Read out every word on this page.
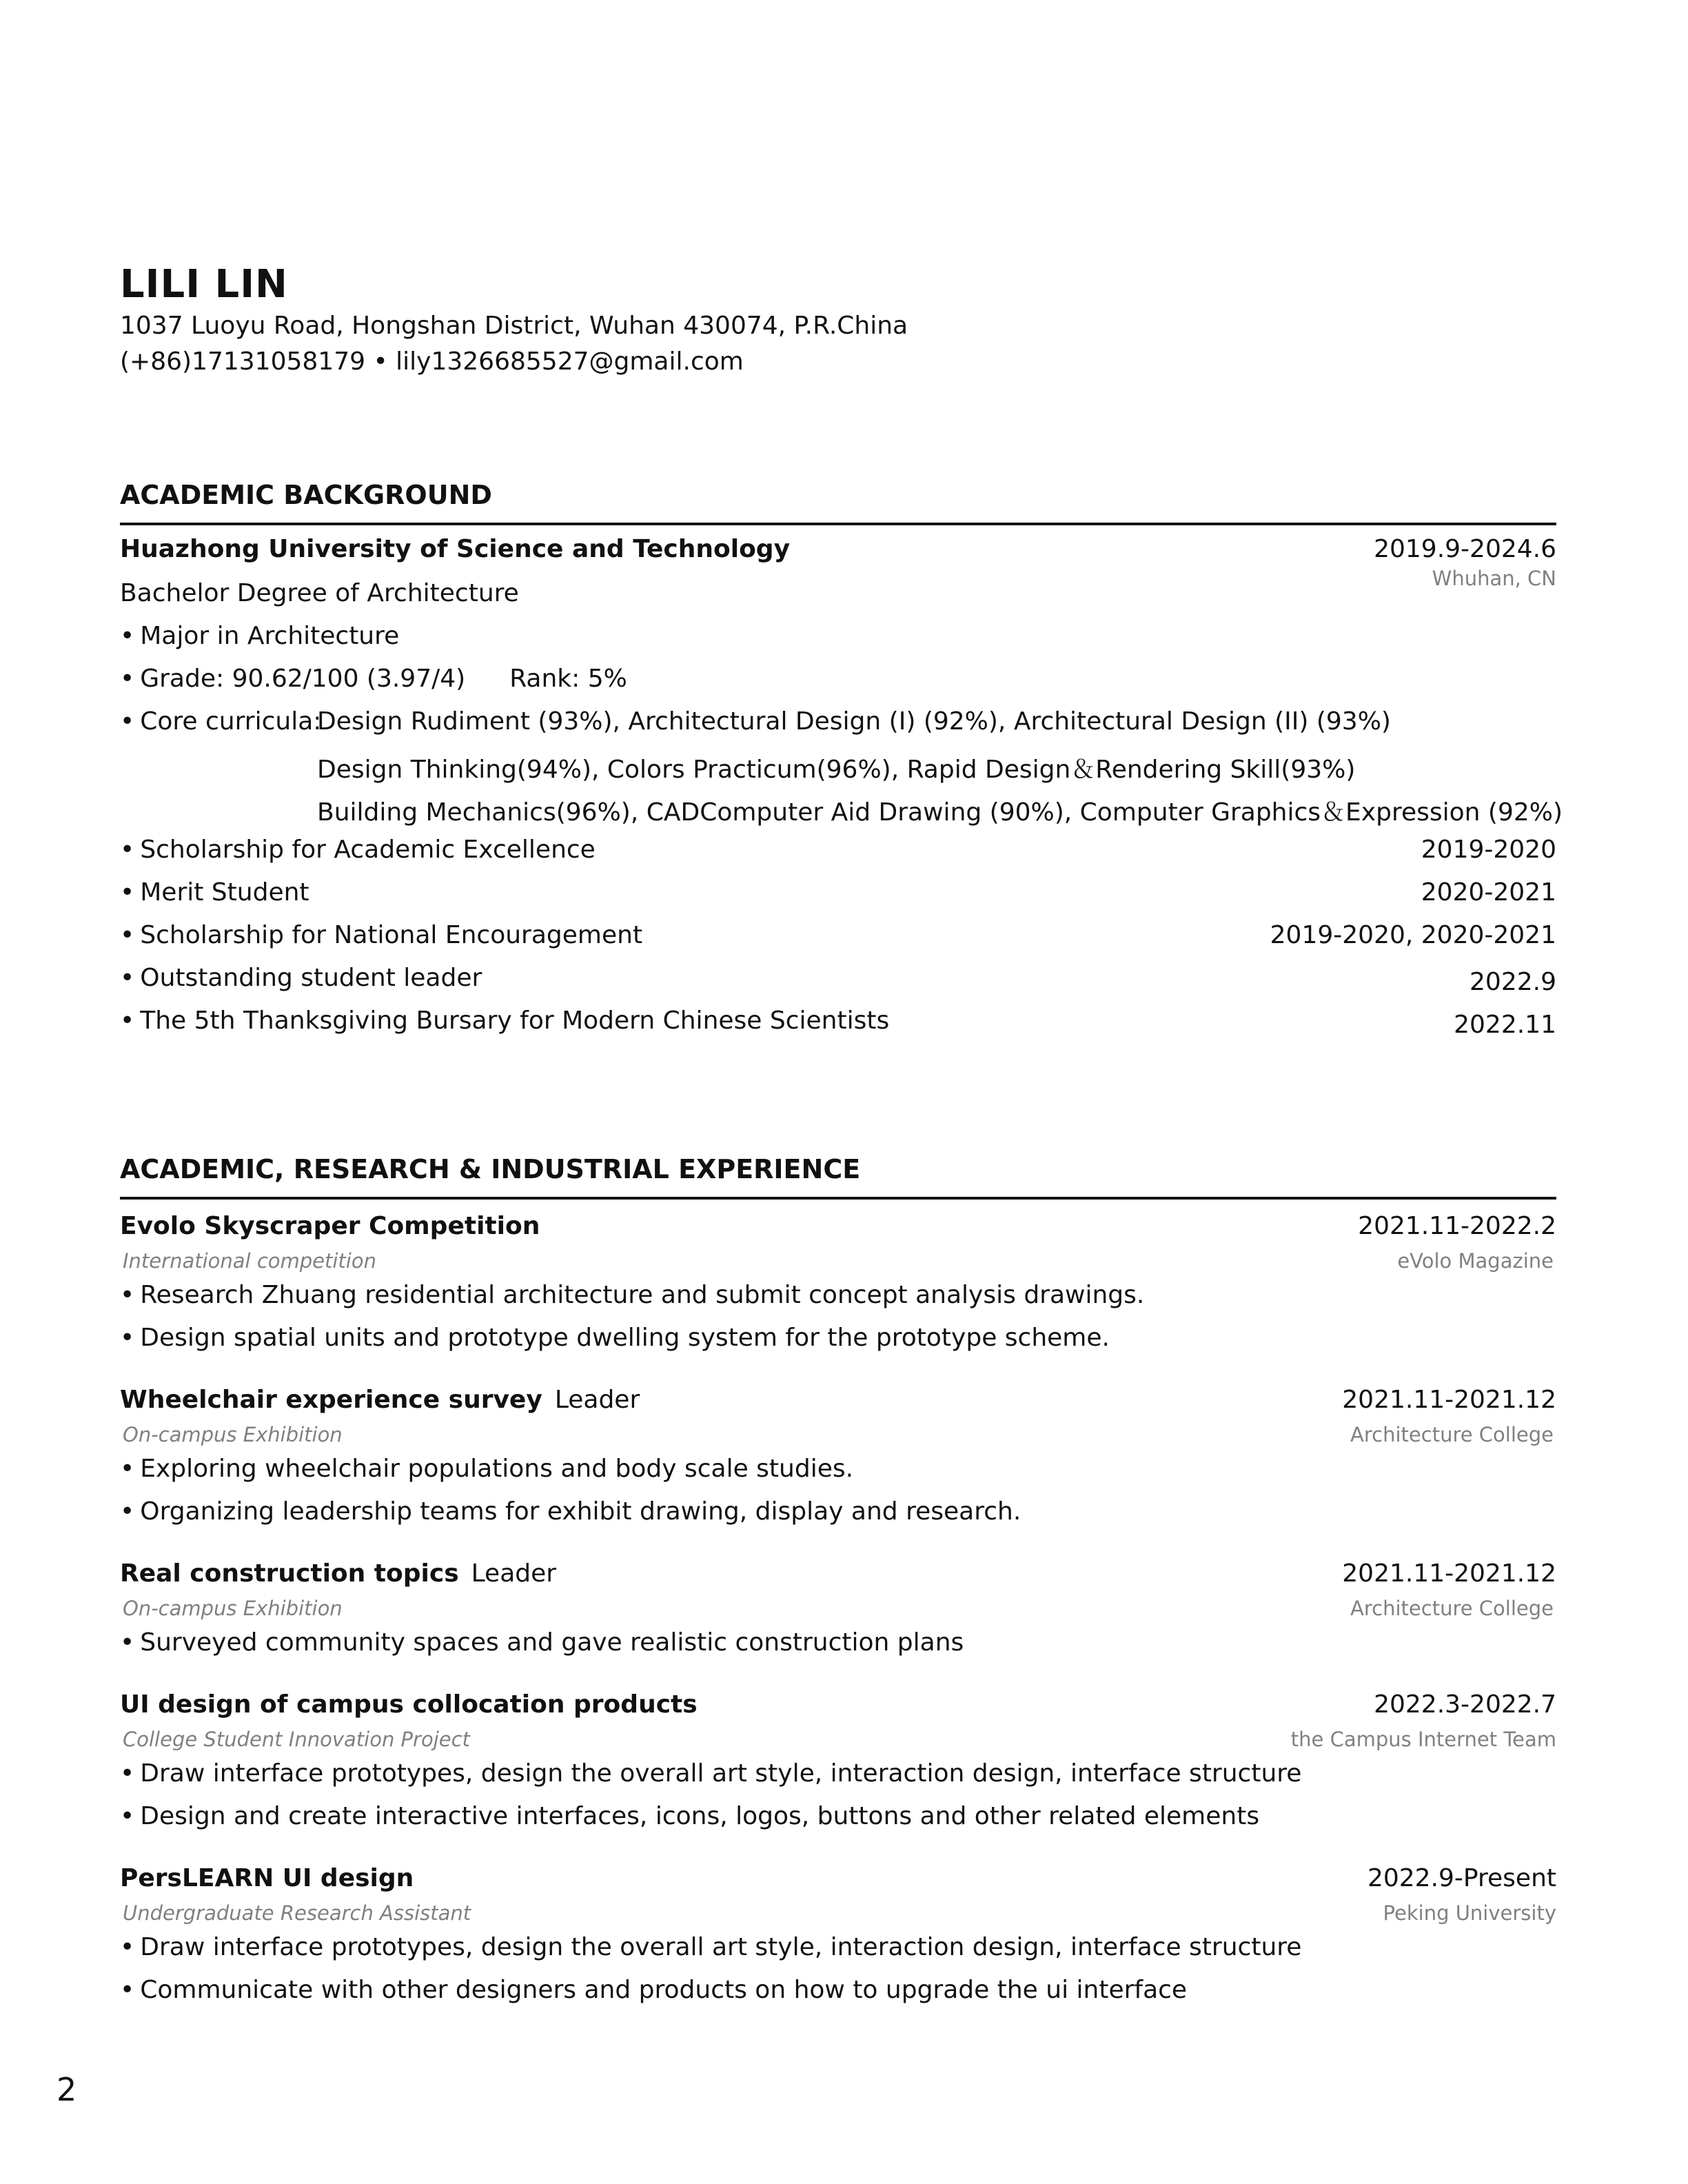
LILI LIN
1037 Luoyu Road, Hongshan District, Wuhan 430074, P.R.China
(+86)17131058179 • lily1326685527@gmail.com
ACADEMIC BACKGROUND
Huazhong University of Science and Technology	2019.9-2024.6
Whuhan, CN
Bachelor Degree of Architecture
• Major in Architecture
• Grade: 90.62/100 (3.97/4) Rank: 5%
• Core curricula:
Design Rudiment (93%), Architectural Design (I) (92%), Architectural Design (II) (93%)
Design Thinking(94%), Colors Practicum(96%), Rapid Design＆Rendering Skill(93%)
Building Mechanics(96%), CADComputer Aid Drawing (90%), Computer Graphics＆Expression (92%)
• Scholarship for Academic Excellence	2019-2020
• Merit Student	2020-2021
• Scholarship for National Encouragement	2019-2020, 2020-2021
• Outstanding student leader	2022.9
• The 5th Thanksgiving Bursary for Modern Chinese Scientists	2022.11
ACADEMIC, RESEARCH & INDUSTRIAL EXPERIENCE
Evolo Skyscraper Competition	2021.11-2022.2
International competition	eVolo Magazine
• Research Zhuang residential architecture and submit concept analysis drawings.
• Design spatial units and prototype dwelling system for the prototype scheme.
Wheelchair experience survey Leader	2021.11-2021.12
On-campus Exhibition	Architecture College
• Exploring wheelchair populations and body scale studies.
• Organizing leadership teams for exhibit drawing, display and research.
Real construction topics Leader	2021.11-2021.12
On-campus Exhibition	Architecture College
• Surveyed community spaces and gave realistic construction plans
UI design of campus collocation products	2022.3-2022.7
College Student Innovation Project	the Campus Internet Team
• Draw interface prototypes, design the overall art style, interaction design, interface structure
• Design and create interactive interfaces, icons, logos, buttons and other related elements
PersLEARN UI design	2022.9-Present
Undergraduate Research Assistant	Peking University
• Draw interface prototypes, design the overall art style, interaction design, interface structure
• Communicate with other designers and products on how to upgrade the ui interface
2
